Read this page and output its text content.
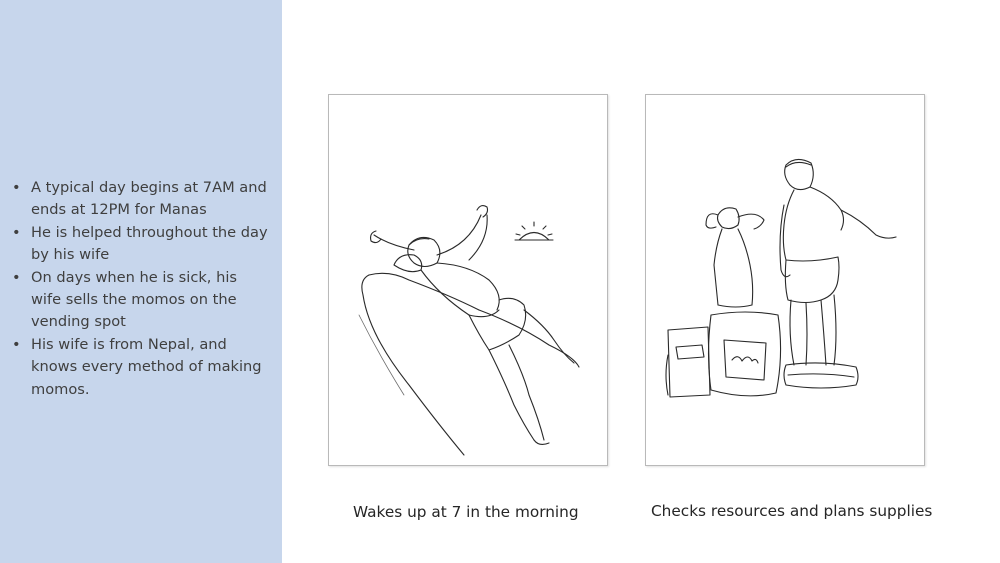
• A typical day begins at 7AM and ends at 12PM for Manas
• He is helped throughout the day by his wife
• On days when he is sick, his wife sells the momos on the vending spot
• His wife is from Nepal, and knows every method of making momos.
Wakes up at 7 in the morning	Checks resources and plans supplies
